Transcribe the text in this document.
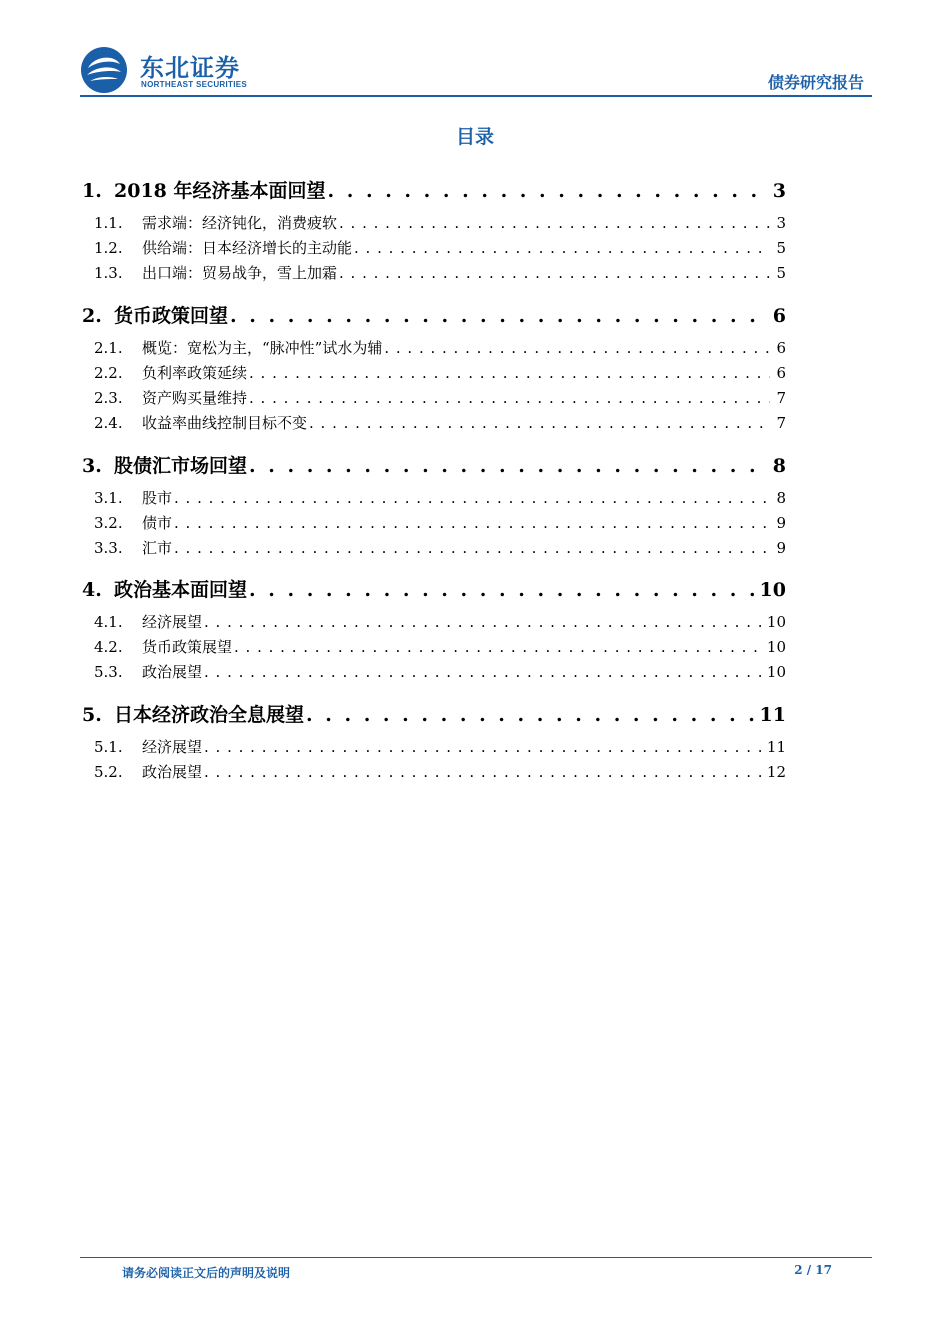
东北证券
NORTHEAST SECURITIES	债券研究报告
目录
1. 2018 年经济基本面回望 . . .	3
1.1.	需求端：经济钝化，消费疲软 . . .	3
1.2.	供给端：日本经济增长的主动能 . . .	5
1.3.	出口端：贸易战争，雪上加霜 . . .	5
2. 货币政策回望 . . .	6
2.1.	概览：宽松为主，“脉冲性”试水为辅 . . .	6
2.2.	负利率政策延续 . . .	6
2.3.	资产购买量维持 . . .	7
2.4.	收益率曲线控制目标不变 . . .	7
3. 股债汇市场回望 . . .	8
3.1.	股市 . . .	8
3.2.	债市 . . .	9
3.3.	汇市 . . .	9
4. 政治基本面回望 . . .	10
4.1.	经济展望 . . .	10
4.2.	货币政策展望 . . .	10
5.3.	政治展望 . . .	10
5. 日本经济政治全息展望 . . .	11
5.1.	经济展望 . . .	11
5.2.	政治展望 . . .	12
请务必阅读正文后的声明及说明	2 / 17
